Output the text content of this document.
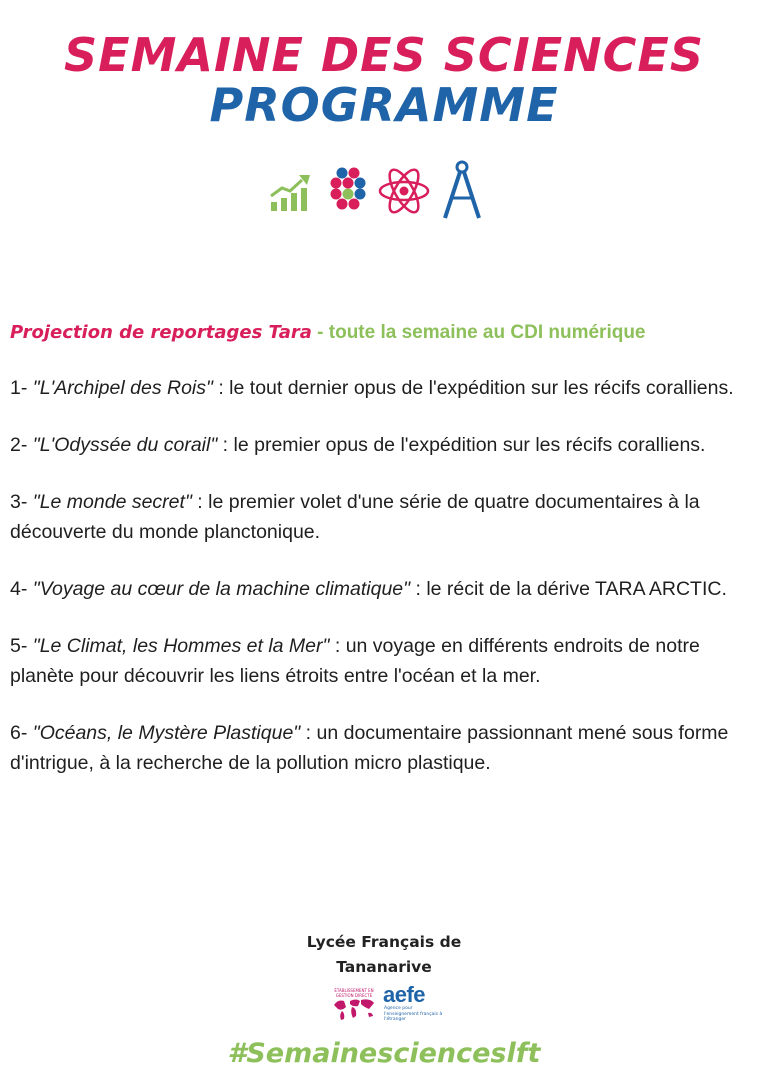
SEMAINE DES SCIENCES
PROGRAMME
Projection de reportages Tara - toute la semaine au CDI numérique

1- "L'Archipel des Rois" : le tout dernier opus de l'expédition sur les récifs coralliens.

2- "L'Odyssée du corail" : le premier opus de l'expédition sur les récifs coralliens.

3- "Le monde secret" : le premier volet d'une série de quatre documentaires à la découverte du monde planctonique.

4- "Voyage au cœur de la machine climatique" : le récit de la dérive TARA ARCTIC.

5- "Le Climat, les Hommes et la Mer" : un voyage en différents endroits de notre planète pour découvrir les liens étroits entre l'océan et la mer.

6- "Océans, le Mystère Plastique" : un documentaire passionnant mené sous forme d'intrigue, à la recherche de la pollution micro plastique.

Lycée Français de
Tananarive
ÉTABLISSEMENT EN GESTION DIRECTE aefe
Agence pour l'enseignement français à l'étranger
#Semainescienceslft
